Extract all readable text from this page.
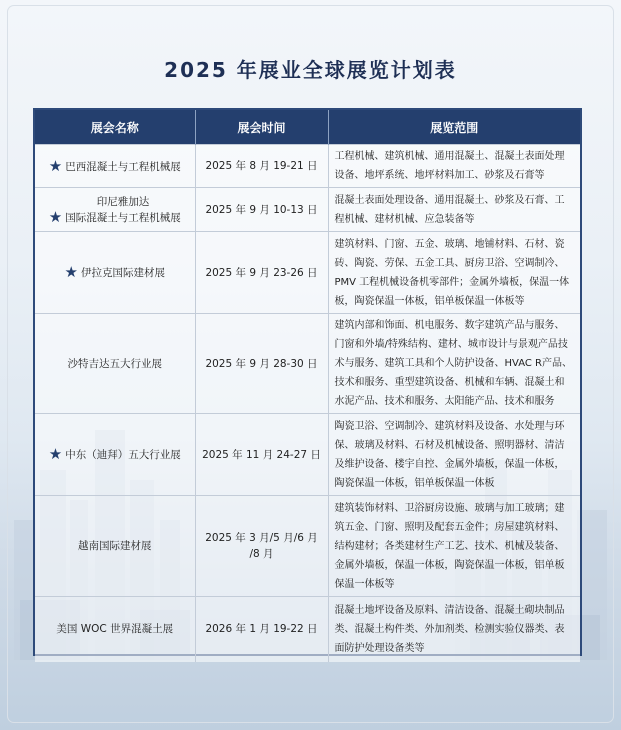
2025 年展业全球展览计划表
展会名称	展会时间	展览范围
★ 巴西混凝土与工程机械展	2025 年 8 月 19-21 日	工程机械、建筑机械、通用混凝土、混凝土表面处理设备、地坪系统、地坪材料加工、砂浆及石膏等
★印尼雅加达
国际混凝土与工程机械展	2025 年 9 月 10-13 日	混凝土表面处理设备、通用混凝土、砂浆及石膏、工程机械、建材机械、应急装备等
★ 伊拉克国际建材展	2025 年 9 月 23-26 日	建筑材料、门窗、五金、玻璃、地铺材料、石材、瓷砖、陶瓷、劳保、五金工具、厨房卫浴、空调制冷、PMV 工程机械设备机零部件；金属外墙板，保温一体板，陶瓷保温一体板，铝单板保温一体板等
沙特吉达五大行业展	2025 年 9 月 28-30 日	建筑内部和饰面、机电服务、数字建筑产品与服务、门窗和外墙/特殊结构、建材、城市设计与景观产品技术与服务、建筑工具和个人防护设备、HVAC R产品、技术和服务、重型建筑设备、机械和车辆、混凝土和水泥产品、技术和服务、太阳能产品、技术和服务
★ 中东（迪拜）五大行业展	2025 年 11 月 24-27 日	陶瓷卫浴、空调制冷、建筑材料及设备、水处理与环保、玻璃及材料、石材及机械设备、照明器材、清洁及维护设备、楼宇自控、金属外墙板，保温一体板，陶瓷保温一体板，铝单板保温一体板
越南国际建材展	2025 年 3 月/5 月/6 月
/8 月	建筑装饰材料、卫浴厨房设施、玻璃与加工玻璃；建筑五金、门窗、照明及配套五金件；房屋建筑材料、结构建材；各类建材生产工艺、技术、机械及装备、金属外墙板，保温一体板，陶瓷保温一体板，铝单板保温一体板等
美国 WOC 世界混凝土展	2026 年 1 月 19-22 日	混凝土地坪设备及原料、清洁设备、混凝土砌块制品类、混凝土构件类、外加剂类、检测实验仪器类、表面防护处理设备类等
